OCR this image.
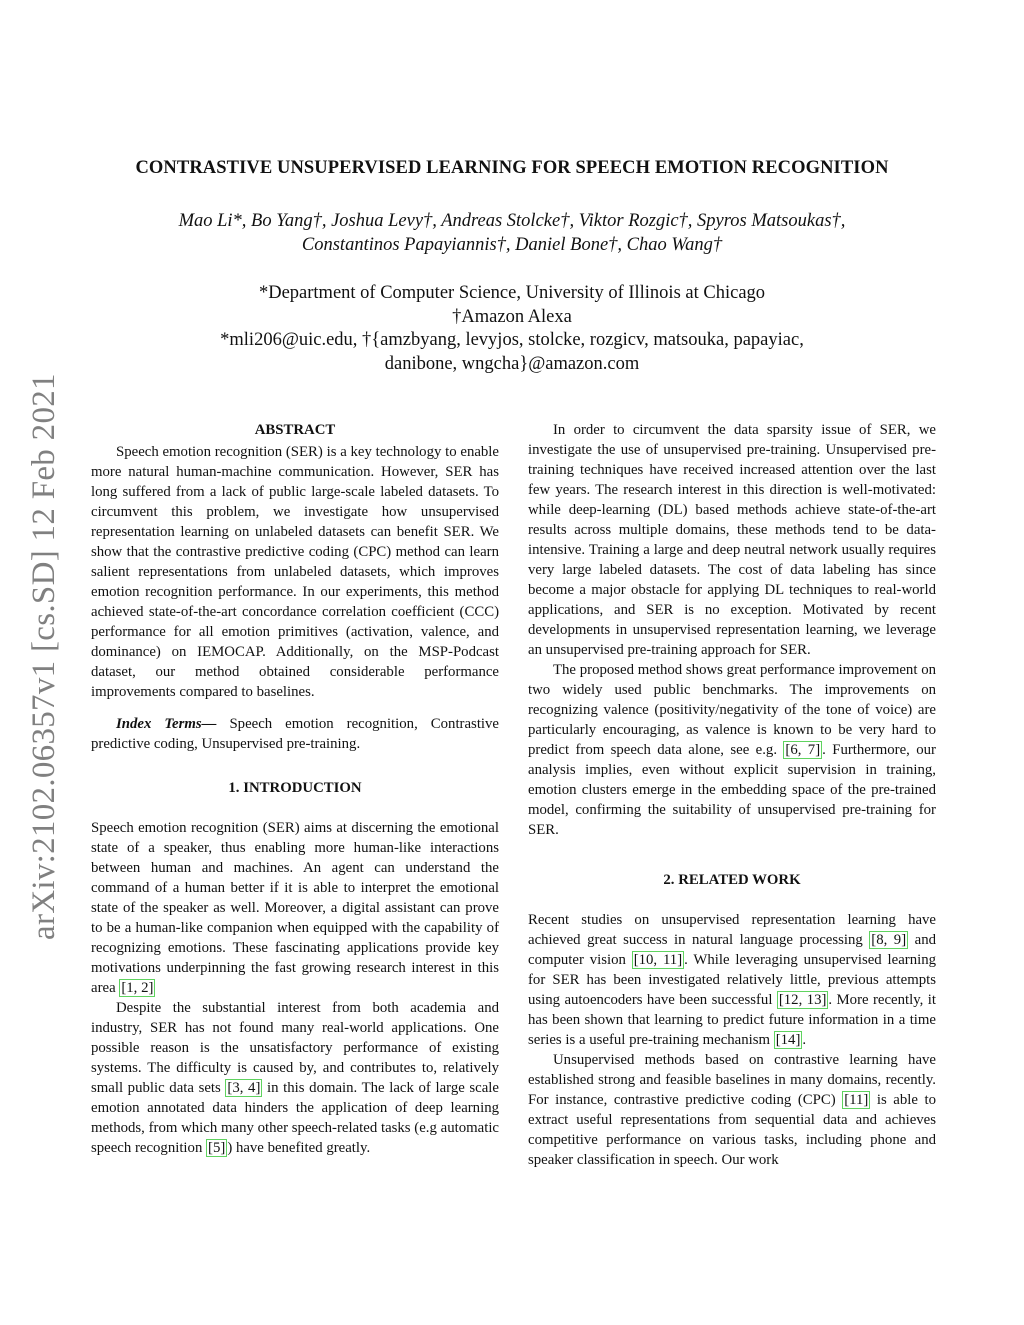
arXiv:2102.06357v1 [cs.SD] 12 Feb 2021
CONTRASTIVE UNSUPERVISED LEARNING FOR SPEECH EMOTION RECOGNITION
Mao Li*, Bo Yang†, Joshua Levy†, Andreas Stolcke†, Viktor Rozgic†, Spyros Matsoukas†,
Constantinos Papayiannis†, Daniel Bone†, Chao Wang†
*Department of Computer Science, University of Illinois at Chicago
†Amazon Alexa
*mli206@uic.edu, †{amzbyang, levyjos, stolcke, rozgicv, matsouka, papayiac,
danibone, wngcha}@amazon.com
ABSTRACT

Speech emotion recognition (SER) is a key technology to enable more natural human-machine communication. However, SER has long suffered from a lack of public large-scale labeled datasets. To circumvent this problem, we investigate how unsupervised representation learning on unlabeled datasets can benefit SER. We show that the contrastive predictive coding (CPC) method can learn salient representations from unlabeled datasets, which improves emotion recognition performance. In our experiments, this method achieved state-of-the-art concordance correlation coefficient (CCC) performance for all emotion primitives (activation, valence, and dominance) on IEMOCAP. Additionally, on the MSP-Podcast dataset, our method obtained considerable performance improvements compared to baselines.

Index Terms— Speech emotion recognition, Contrastive predictive coding, Unsupervised pre-training.

1. INTRODUCTION

Speech emotion recognition (SER) aims at discerning the emotional state of a speaker, thus enabling more human-like interactions between human and machines. An agent can understand the command of a human better if it is able to interpret the emotional state of the speaker as well. Moreover, a digital assistant can prove to be a human-like companion when equipped with the capability of recognizing emotions. These fascinating applications provide key motivations underpinning the fast growing research interest in this area [1, 2]

Despite the substantial interest from both academia and industry, SER has not found many real-world applications. One possible reason is the unsatisfactory performance of existing systems. The difficulty is caused by, and contributes to, relatively small public data sets [3, 4] in this domain. The lack of large scale emotion annotated data hinders the application of deep learning methods, from which many other speech-related tasks (e.g automatic speech recognition [5] ) have benefited greatly.

In order to circumvent the data sparsity issue of SER, we investigate the use of unsupervised pre-training. Unsupervised pre-training techniques have received increased attention over the last few years. The research interest in this direction is well-motivated: while deep-learning (DL) based methods achieve state-of-the-art results across multiple domains, these methods tend to be data-intensive. Training a large and deep neutral network usually requires very large labeled datasets. The cost of data labeling has since become a major obstacle for applying DL techniques to real-world applications, and SER is no exception. Motivated by recent developments in unsupervised representation learning, we leverage an unsupervised pre-training approach for SER.

The proposed method shows great performance improvement on two widely used public benchmarks. The improvements on recognizing valence (positivity/negativity of the tone of voice) are particularly encouraging, as valence is known to be very hard to predict from speech data alone, see e.g. [6, 7] . Furthermore, our analysis implies, even without explicit supervision in training, emotion clusters emerge in the embedding space of the pre-trained model, confirming the suitability of unsupervised pre-training for SER.

2. RELATED WORK

Recent studies on unsupervised representation learning have achieved great success in natural language processing [8, 9] and computer vision [10, 11] . While leveraging unsupervised learning for SER has been investigated relatively little, previous attempts using autoencoders have been successful [12, 13] . More recently, it has been shown that learning to predict future information in a time series is a useful pre-training mechanism [14] .

Unsupervised methods based on contrastive learning have established strong and feasible baselines in many domains, recently. For instance, contrastive predictive coding (CPC) [11] is able to extract useful representations from sequential data and achieves competitive performance on various tasks, including phone and speaker classification in speech. Our work
